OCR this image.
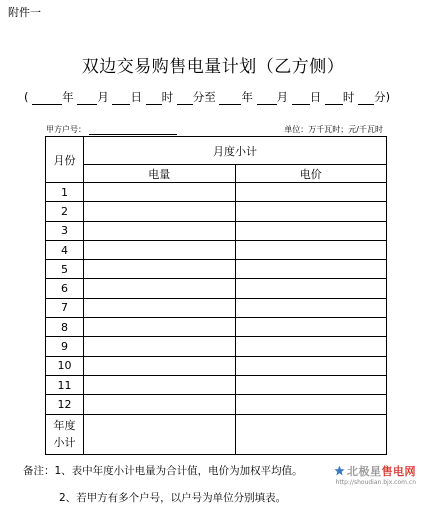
附件一
双边交易购售电量计划（乙方侧）
(	年 月 日 时 分至 年 月 日 时 分)
甲方户号：	单位：万千瓦时；元/千瓦时
月份	月度小计	
	电量	电价
1		
2		
3		
4		
5		
6		
7		
8		
9		
10		
11		
12		
年度
小计		
备注：1、表中年度小计电量为合计值，电价为加权平均值。
2、若甲方有多个户号，以户号为单位分别填表。
北极星售电网
http://shoudian.bjx.com.cn
